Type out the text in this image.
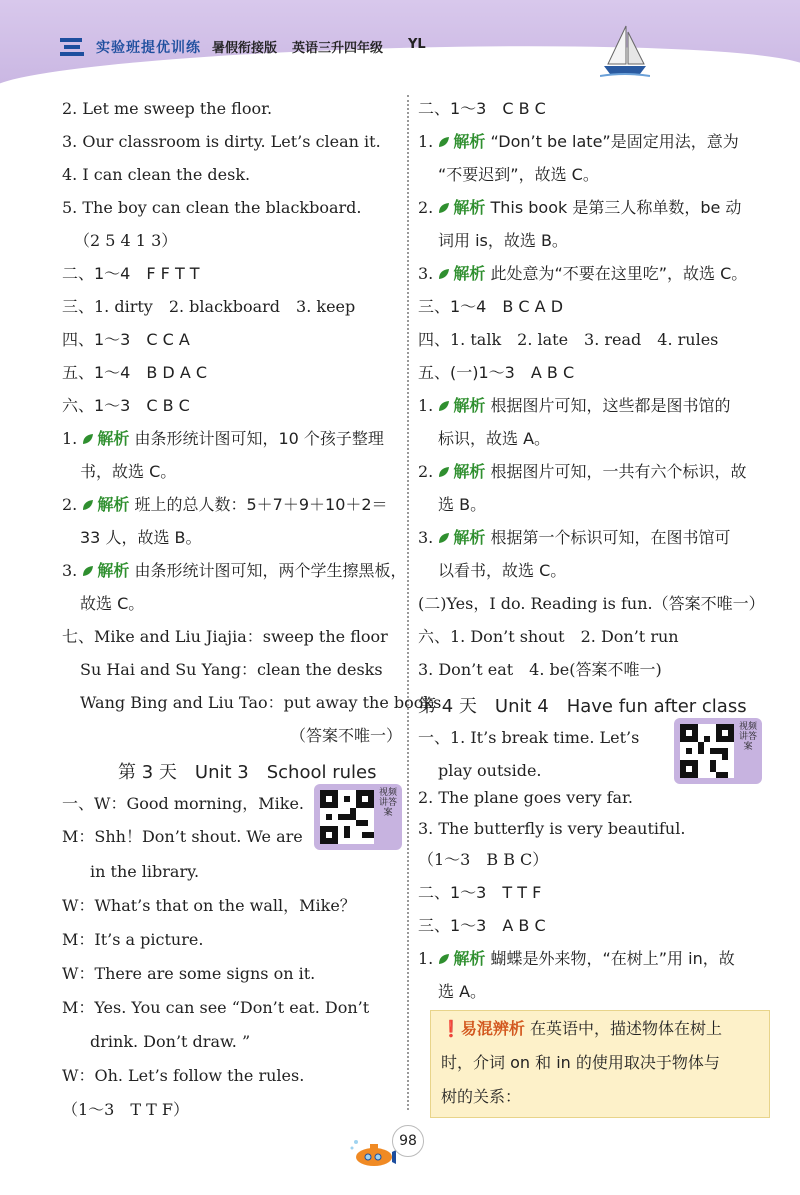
实验班提优训练 暑假衔接版 英语三升四年级 YL
2. Let me sweep the floor.
3. Our classroom is dirty. Let’s clean it.
4. I can clean the desk.
5. The boy can clean the blackboard.
（2 5 4 1 3）
二、1～4　F F T T
三、1. dirty　2. blackboard　3. keep
四、1～3　C C A
五、1～4　B D A C
六、1～3　C B C
1. 解析 由条形统计图可知，10 个孩子整理
书，故选 C。
2. 解析 班上的总人数：5＋7＋9＋10＋2＝
33 人，故选 B。
3. 解析 由条形统计图可知，两个学生擦黑板，
故选 C。
七、Mike and Liu Jiajia：sweep the floor
Su Hai and Su Yang：clean the desks
Wang Bing and Liu Tao：put away the books
（答案不唯一）
第 3 天　Unit 3　School rules
视频讲答案
一、W：Good morning，Mike.
M：Shh！Don’t shout. We are
in the library.
W：What’s that on the wall，Mike？
M：It’s a picture.
W：There are some signs on it.
M：Yes. You can see “Don’t eat. Don’t
drink. Don’t draw. ”
W：Oh. Let’s follow the rules.
（1～3　T T F）
二、1～3　C B C
1. 解析 “Don’t be late”是固定用法，意为
“不要迟到”，故选 C。
2. 解析 This book 是第三人称单数，be 动
词用 is，故选 B。
3. 解析 此处意为“不要在这里吃”，故选 C。
三、1～4　B C A D
四、1. talk　2. late　3. read　4. rules
五、(一)1～3　A B C
1. 解析 根据图片可知，这些都是图书馆的
标识，故选 A。
2. 解析 根据图片可知，一共有六个标识，故
选 B。
3. 解析 根据第一个标识可知，在图书馆可
以看书，故选 C。
(二)Yes，I do. Reading is fun.（答案不唯一）
六、1. Don’t shout　2. Don’t run
3. Don’t eat　4. be(答案不唯一)
第 4 天　Unit 4　Have fun after class
视频讲答案
一、1. It’s break time. Let’s
play outside.
2. The plane goes very far.
3. The butterfly is very beautiful.
（1～3　B B C）
二、1～3　T T F
三、1～3　A B C
1. 解析 蝴蝶是外来物，“在树上”用 in，故
选 A。
❗易混辨析 在英语中，描述物体在树上
时，介词 on 和 in 的使用取决于物体与
树的关系：
98
